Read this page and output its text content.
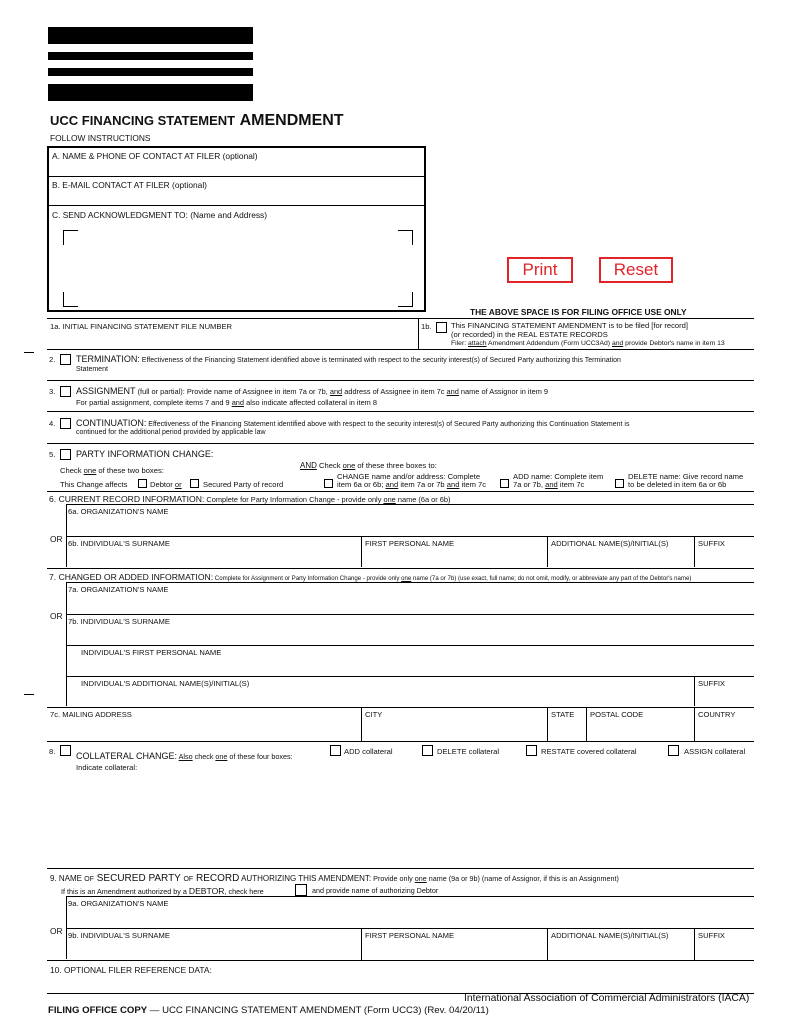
UCC FINANCING STATEMENT AMENDMENT
FOLLOW INSTRUCTIONS
A. NAME & PHONE OF CONTACT AT FILER (optional)
B. E-MAIL CONTACT AT FILER (optional)
C. SEND ACKNOWLEDGMENT TO: (Name and Address)
Print	Reset
THE ABOVE SPACE IS FOR FILING OFFICE USE ONLY
1a. INITIAL FINANCING STATEMENT FILE NUMBER	1b.	This FINANCING STATEMENT AMENDMENT is to be filed [for record]
(or recorded) in the REAL ESTATE RECORDS
Filer: attach Amendment Addendum (Form UCC3Ad) and provide Debtor's name in item 13
2. TERMINATION: Effectiveness of the Financing Statement identified above is terminated with respect to the security interest(s) of Secured Party authorizing this Termination
Statement
3. ASSIGNMENT (full or partial): Provide name of Assignee in item 7a or 7b, and address of Assignee in item 7c and name of Assignor in item 9
For partial assignment, complete items 7 and 9 and also indicate affected collateral in item 8
4. CONTINUATION: Effectiveness of the Financing Statement identified above with respect to the security interest(s) of Secured Party authorizing this Continuation Statement is
continued for the additional period provided by applicable law
5. PARTY INFORMATION CHANGE:
Check one of these two boxes:
This Change affects	Debtor or	Secured Party of record
AND Check one of these three boxes to:
CHANGE name and/or address: Complete
item 6a or 6b; and item 7a or 7b and item 7c
ADD name: Complete item
7a or 7b, and item 7c
DELETE name: Give record name
to be deleted in item 6a or 6b
6. CURRENT RECORD INFORMATION: Complete for Party Information Change - provide only one name (6a or 6b)
6a. ORGANIZATION'S NAME
OR 6b. INDIVIDUAL'S SURNAME	FIRST PERSONAL NAME	ADDITIONAL NAME(S)/INITIAL(S)	SUFFIX
7. CHANGED OR ADDED INFORMATION: Complete for Assignment or Party Information Change - provide only one name (7a or 7b) (use exact, full name; do not omit, modify, or abbreviate any part of the Debtor's name)
7a. ORGANIZATION'S NAME
OR
7b. INDIVIDUAL'S SURNAME
INDIVIDUAL'S FIRST PERSONAL NAME
INDIVIDUAL'S ADDITIONAL NAME(S)/INITIAL(S)	SUFFIX
7c. MAILING ADDRESS	CITY	STATE POSTAL CODE	COUNTRY
8. COLLATERAL CHANGE: Also check one of these four boxes:
ADD collateral	DELETE collateral	RESTATE covered collateral	ASSIGN collateral
Indicate collateral:
9. NAME OF SECURED PARTY OF RECORD AUTHORIZING THIS AMENDMENT: Provide only one name (9a or 9b) (name of Assignor, if this is an Assignment)
If this is an Amendment authorized by a DEBTOR, check here	and provide name of authorizing Debtor
9a. ORGANIZATION'S NAME
OR 9b. INDIVIDUAL'S SURNAME	FIRST PERSONAL NAME	ADDITIONAL NAME(S)/INITIAL(S)	SUFFIX
10. OPTIONAL FILER REFERENCE DATA:
International Association of Commercial Administrators (IACA)
FILING OFFICE COPY — UCC FINANCING STATEMENT AMENDMENT (Form UCC3) (Rev. 04/20/11)
